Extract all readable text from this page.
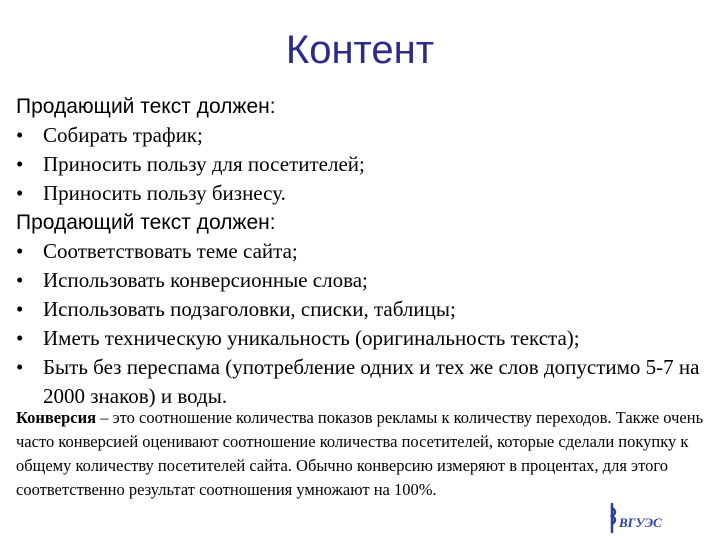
Контент
Продающий текст должен:
• Собирать трафик;
• Приносить пользу для посетителей;
• Приносить пользу бизнесу.
Продающий текст должен:
• Соответствовать теме сайта;
• Использовать конверсионные слова;
• Использовать подзаголовки, списки, таблицы;
• Иметь техническую уникальность (оригинальность текста);
• Быть без переспама (употребление одних и тех же слов допустимо 5-7 на 2000 знаков) и воды.
Конверсия – это соотношение количества показов рекламы к количеству переходов. Также очень часто конверсией оценивают соотношение количества посетителей, которые сделали покупку к общему количеству посетителей сайта. Обычно конверсию измеряют в процентах, для этого соответственно результат соотношения умножают на 100%.
ВГУЭС
